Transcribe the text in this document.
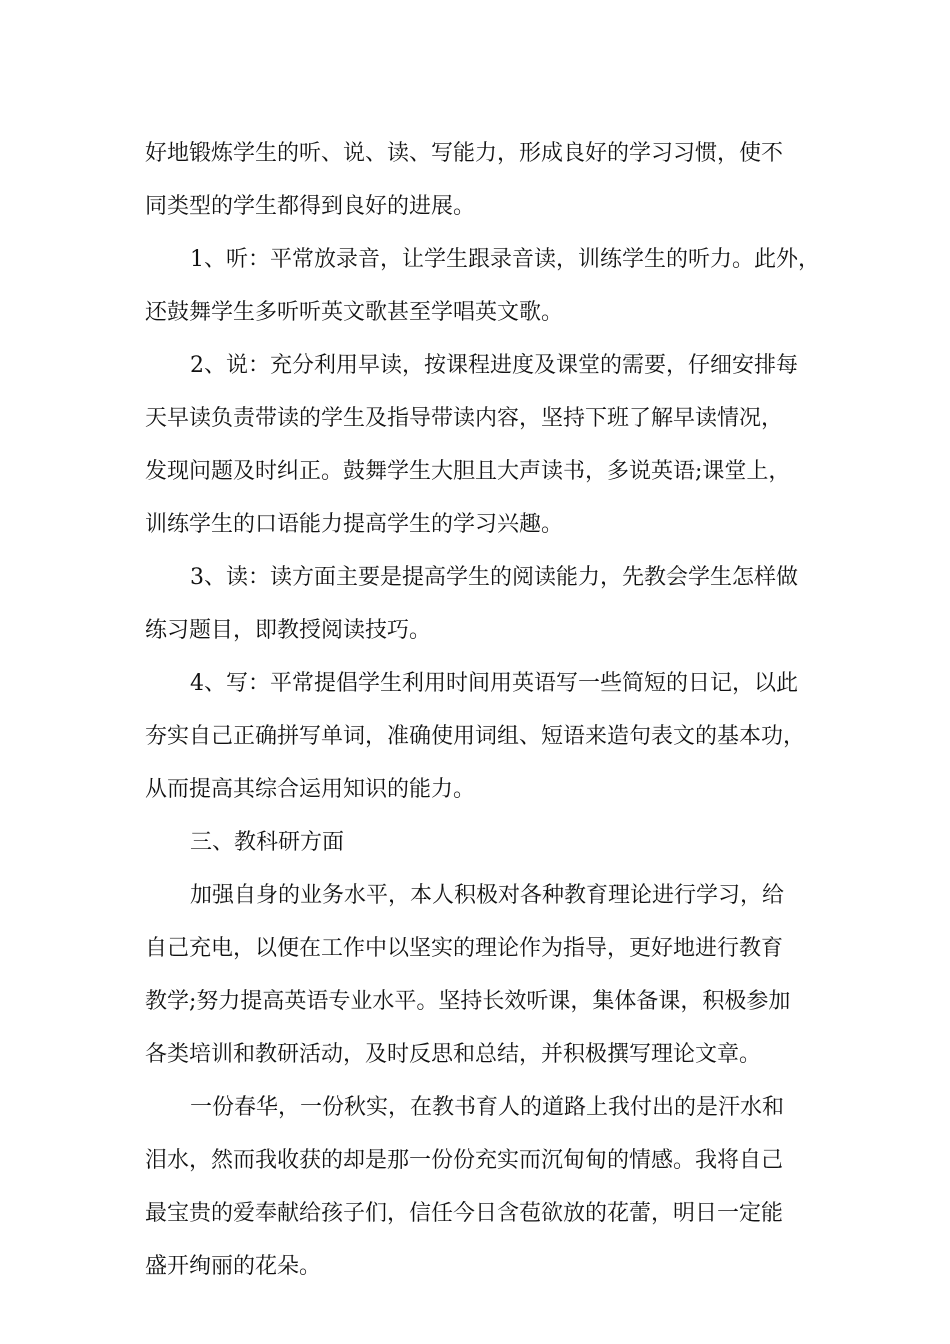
好地锻炼学生的听、说、读、写能力，形成良好的学习习惯，使不
同类型的学生都得到良好的进展。
1、听：平常放录音，让学生跟录音读，训练学生的听力。此外，
还鼓舞学生多听听英文歌甚至学唱英文歌。
2、说：充分利用早读，按课程进度及课堂的需要，仔细安排每
天早读负责带读的学生及指导带读内容，坚持下班了解早读情况，
发现问题及时纠正。鼓舞学生大胆且大声读书，多说英语;课堂上，
训练学生的口语能力提高学生的学习兴趣。
3、读：读方面主要是提高学生的阅读能力，先教会学生怎样做
练习题目，即教授阅读技巧。
4、写：平常提倡学生利用时间用英语写一些简短的日记，以此
夯实自己正确拼写单词，准确使用词组、短语来造句表文的基本功，
从而提高其综合运用知识的能力。
三、教科研方面
加强自身的业务水平，本人积极对各种教育理论进行学习，给
自己充电，以便在工作中以坚实的理论作为指导，更好地进行教育
教学;努力提高英语专业水平。坚持长效听课，集体备课，积极参加
各类培训和教研活动，及时反思和总结，并积极撰写理论文章。
一份春华，一份秋实，在教书育人的道路上我付出的是汗水和
泪水，然而我收获的却是那一份份充实而沉甸甸的情感。我将自己
最宝贵的爱奉献给孩子们，信任今日含苞欲放的花蕾，明日一定能
盛开绚丽的花朵。
